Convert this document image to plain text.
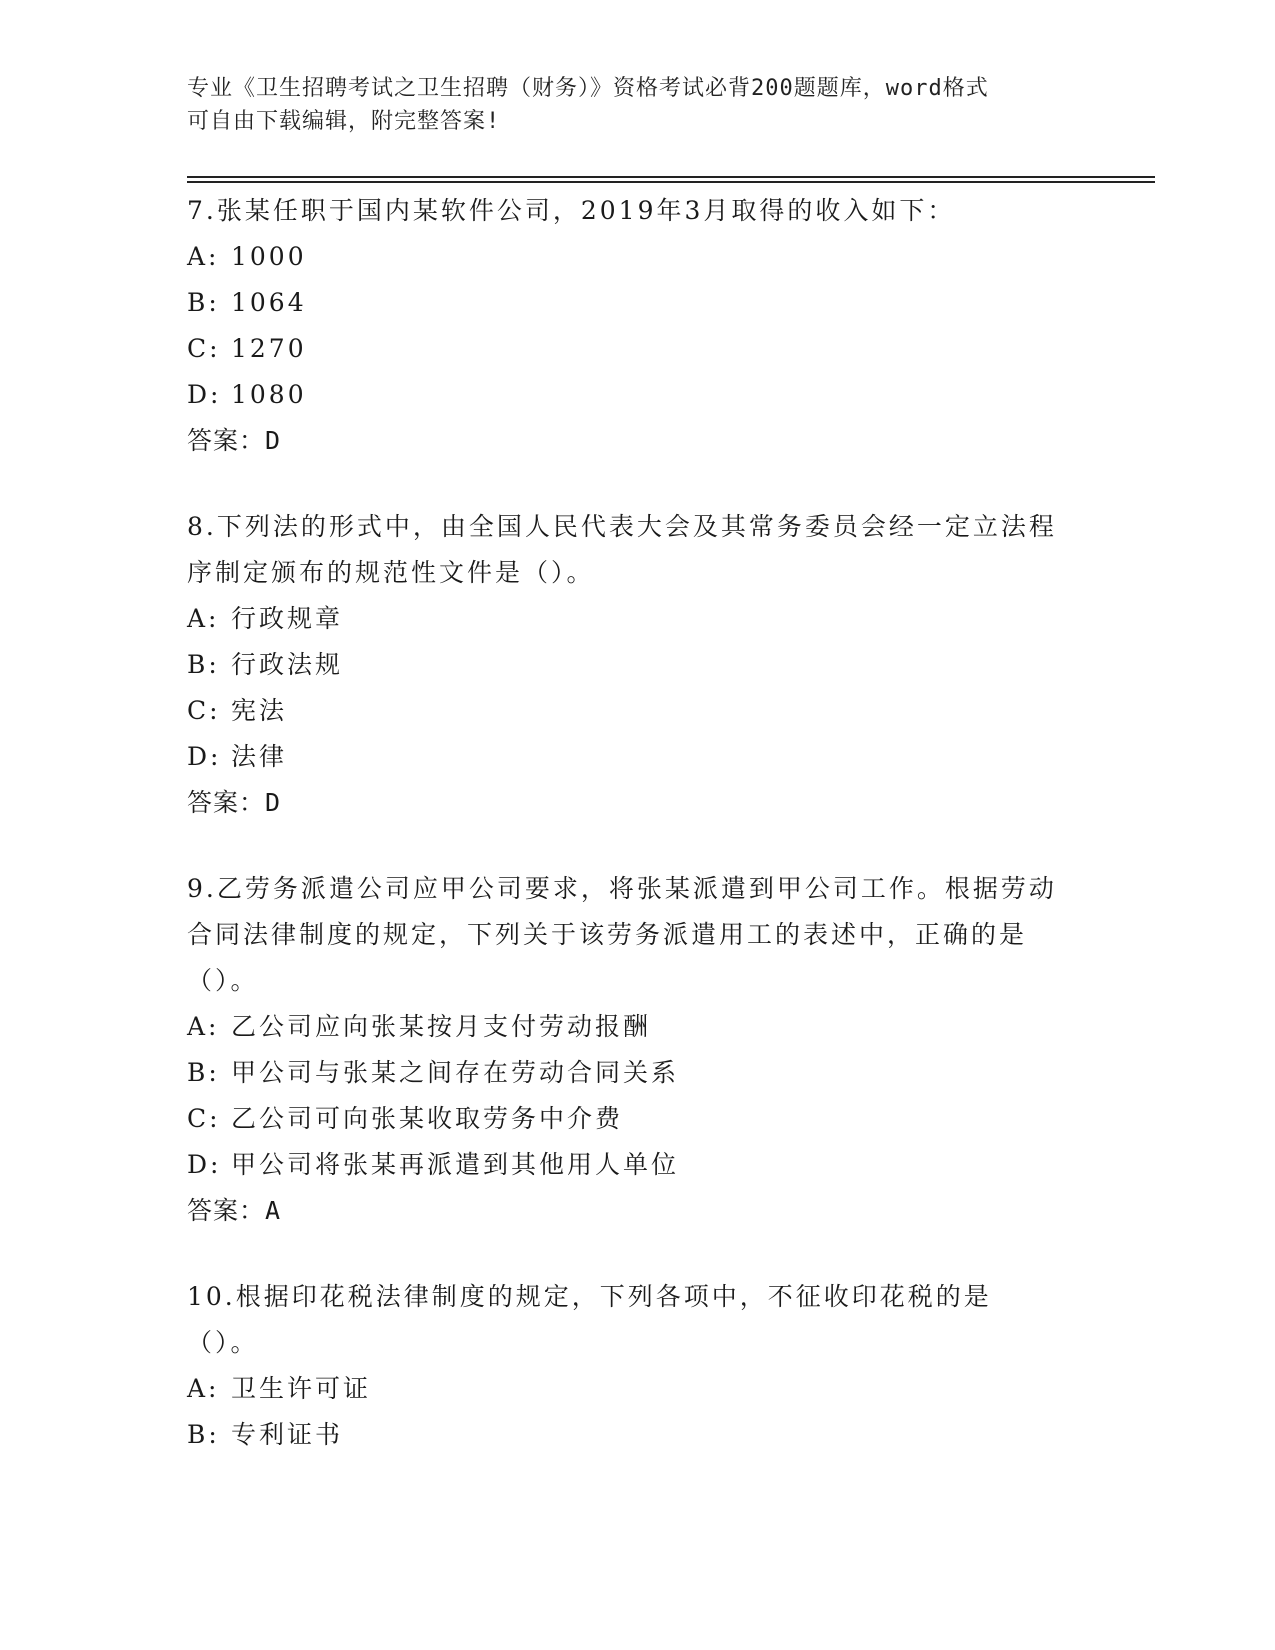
专业《卫生招聘考试之卫生招聘（财务）》资格考试必背200题题库，word格式
可自由下载编辑，附完整答案!

7.张某任职于国内某软件公司，2019年3月取得的收入如下：

A: 1000

B: 1064

C: 1270

D: 1080

答案：D

8.下列法的形式中，由全国人民代表大会及其常务委员会经一定立法程序制定颁布的规范性文件是（）。

A: 行政规章

B: 行政法规

C: 宪法

D: 法律

答案：D

9.乙劳务派遣公司应甲公司要求，将张某派遣到甲公司工作。根据劳动合同法律制度的规定，下列关于该劳务派遣用工的表述中，正确的是（）。

A: 乙公司应向张某按月支付劳动报酬

B: 甲公司与张某之间存在劳动合同关系

C: 乙公司可向张某收取劳务中介费

D: 甲公司将张某再派遣到其他用人单位

答案：A

10.根据印花税法律制度的规定，下列各项中，不征收印花税的是（）。

A: 卫生许可证

B: 专利证书
